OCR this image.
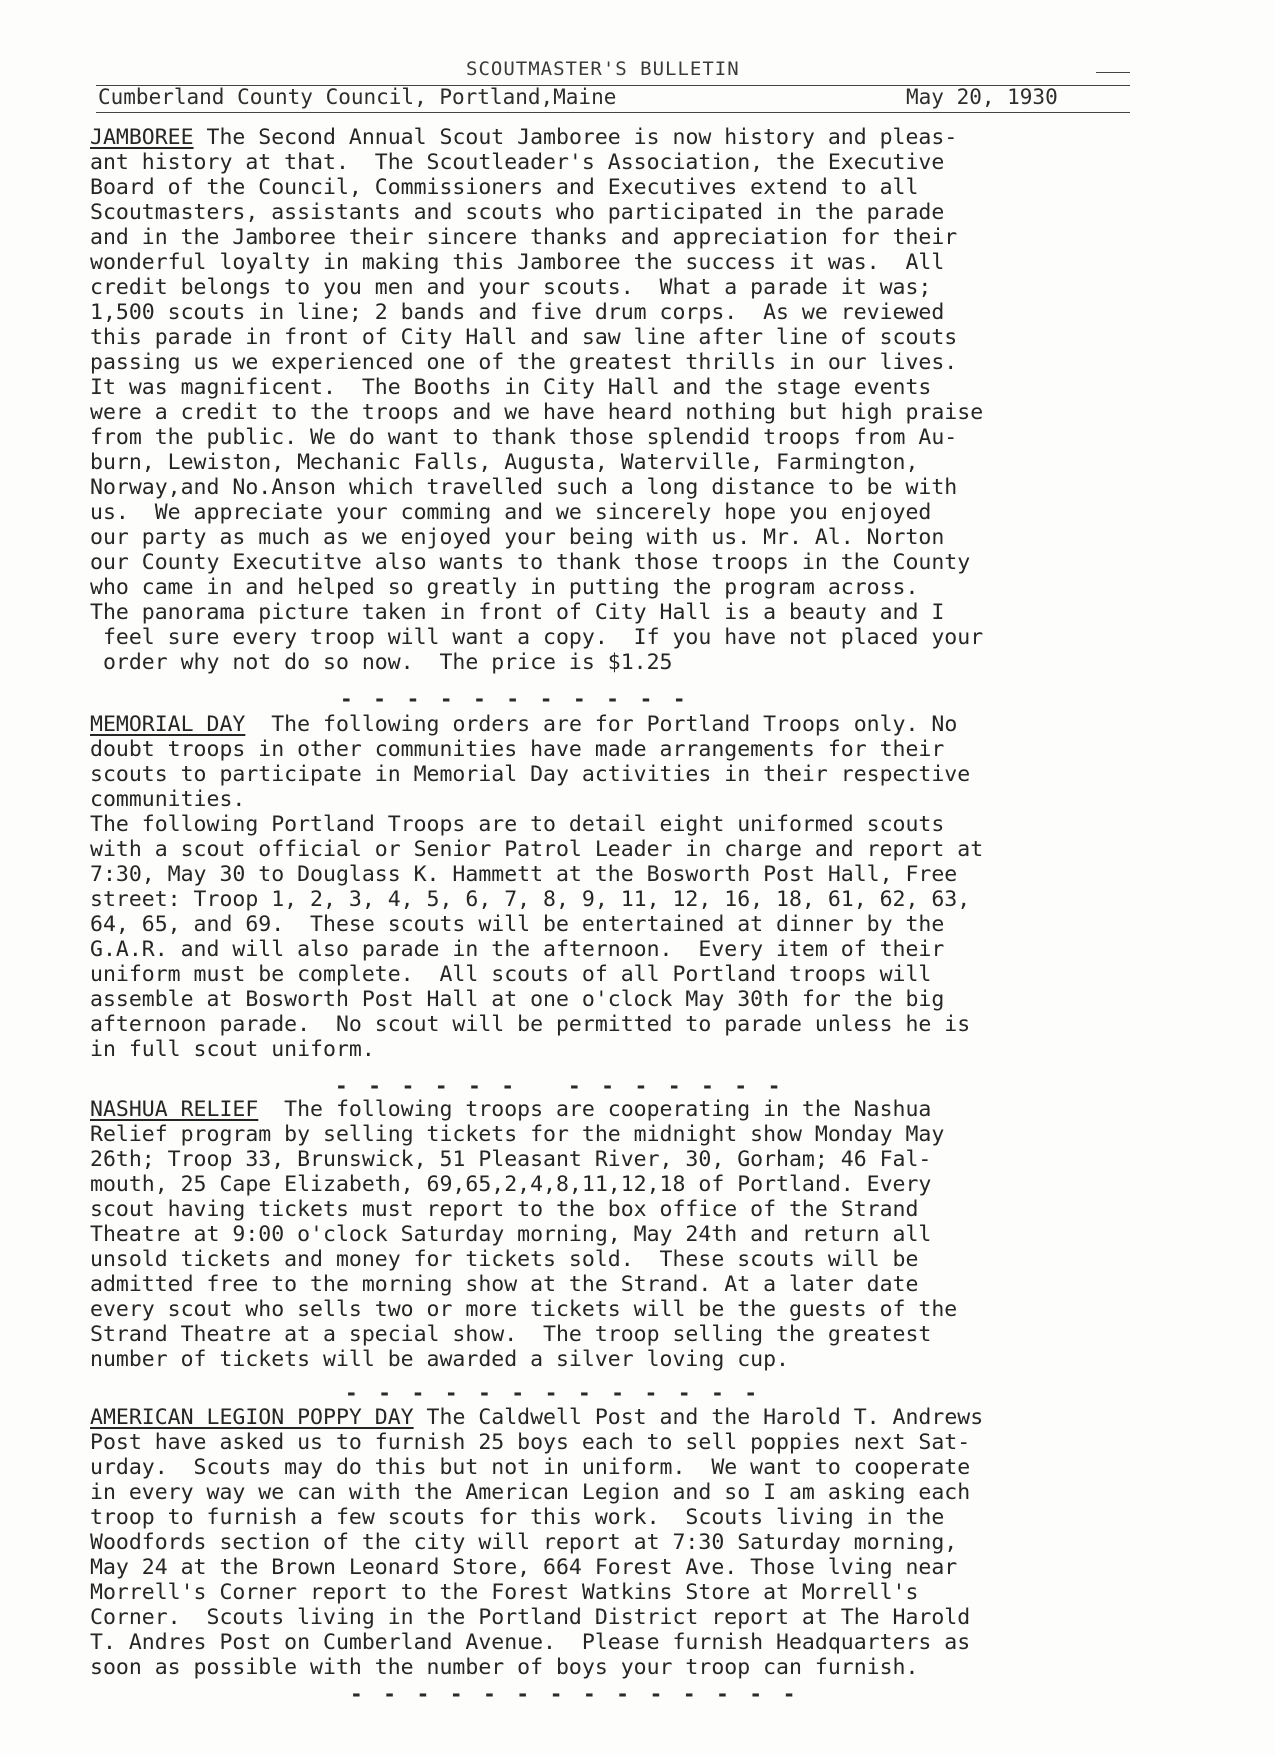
SCOUTMASTER'S BULLETIN
Cumberland County Council, Portland,Maine	May 20, 1930
JAMBOREE The Second Annual Scout Jamboree is now history and pleas-
ant history at that.  The Scoutleader's Association, the Executive
Board of the Council, Commissioners and Executives extend to all
Scoutmasters, assistants and scouts who participated in the parade
and in the Jamboree their sincere thanks and appreciation for their
wonderful loyalty in making this Jamboree the success it was.  All
credit belongs to you men and your scouts.  What a parade it was;
1,500 scouts in line; 2 bands and five drum corps.  As we reviewed
this parade in front of City Hall and saw line after line of scouts
passing us we experienced one of the greatest thrills in our lives.
It was magnificent.  The Booths in City Hall and the stage events
were a credit to the troops and we have heard nothing but high praise
from the public. We do want to thank those splendid troops from Au-
burn, Lewiston, Mechanic Falls, Augusta, Waterville, Farmington,
Norway,and No.Anson which travelled such a long distance to be with
us.  We appreciate your comming and we sincerely hope you enjoyed
our party as much as we enjoyed your being with us. Mr. Al. Norton
our County Executitve also wants to thank those troops in the County
who came in and helped so greatly in putting the program across.
The panorama picture taken in front of City Hall is a beauty and I
feel sure every troop will want a copy.  If you have not placed your
order why not do so now.  The price is $1.25
- - - - - - - - - - -
MEMORIAL DAY  The following orders are for Portland Troops only. No
doubt troops in other communities have made arrangements for their
scouts to participate in Memorial Day activities in their respective
communities.
The following Portland Troops are to detail eight uniformed scouts
with a scout official or Senior Patrol Leader in charge and report at
7:30, May 30 to Douglass K. Hammett at the Bosworth Post Hall, Free
street: Troop 1, 2, 3, 4, 5, 6, 7, 8, 9, 11, 12, 16, 18, 61, 62, 63,
64, 65, and 69.  These scouts will be entertained at dinner by the
G.A.R. and will also parade in the afternoon.  Every item of their
uniform must be complete.  All scouts of all Portland troops will
assemble at Bosworth Post Hall at one o'clock May 30th for the big
afternoon parade.  No scout will be permitted to parade unless he is
in full scout uniform.
- - - - - -   - - - - - - -
NASHUA RELIEF  The following troops are cooperating in the Nashua
Relief program by selling tickets for the midnight show Monday May
26th; Troop 33, Brunswick, 51 Pleasant River, 30, Gorham; 46 Fal-
mouth, 25 Cape Elizabeth, 69,65,2,4,8,11,12,18 of Portland. Every
scout having tickets must report to the box office of the Strand
Theatre at 9:00 o'clock Saturday morning, May 24th and return all
unsold tickets and money for tickets sold.  These scouts will be
admitted free to the morning show at the Strand. At a later date
every scout who sells two or more tickets will be the guests of the
Strand Theatre at a special show.  The troop selling the greatest
number of tickets will be awarded a silver loving cup.
- - - - - - - - - - - - -
AMERICAN LEGION POPPY DAY The Caldwell Post and the Harold T. Andrews
Post have asked us to furnish 25 boys each to sell poppies next Sat-
urday.  Scouts may do this but not in uniform.  We want to cooperate
in every way we can with the American Legion and so I am asking each
troop to furnish a few scouts for this work.  Scouts living in the
Woodfords section of the city will report at 7:30 Saturday morning,
May 24 at the Brown Leonard Store, 664 Forest Ave. Those lving near
Morrell's Corner report to the Forest Watkins Store at Morrell's
Corner.  Scouts living in the Portland District report at The Harold
T. Andres Post on Cumberland Avenue.  Please furnish Headquarters as
soon as possible with the number of boys your troop can furnish.
- - - - - - - - - - - - - -
